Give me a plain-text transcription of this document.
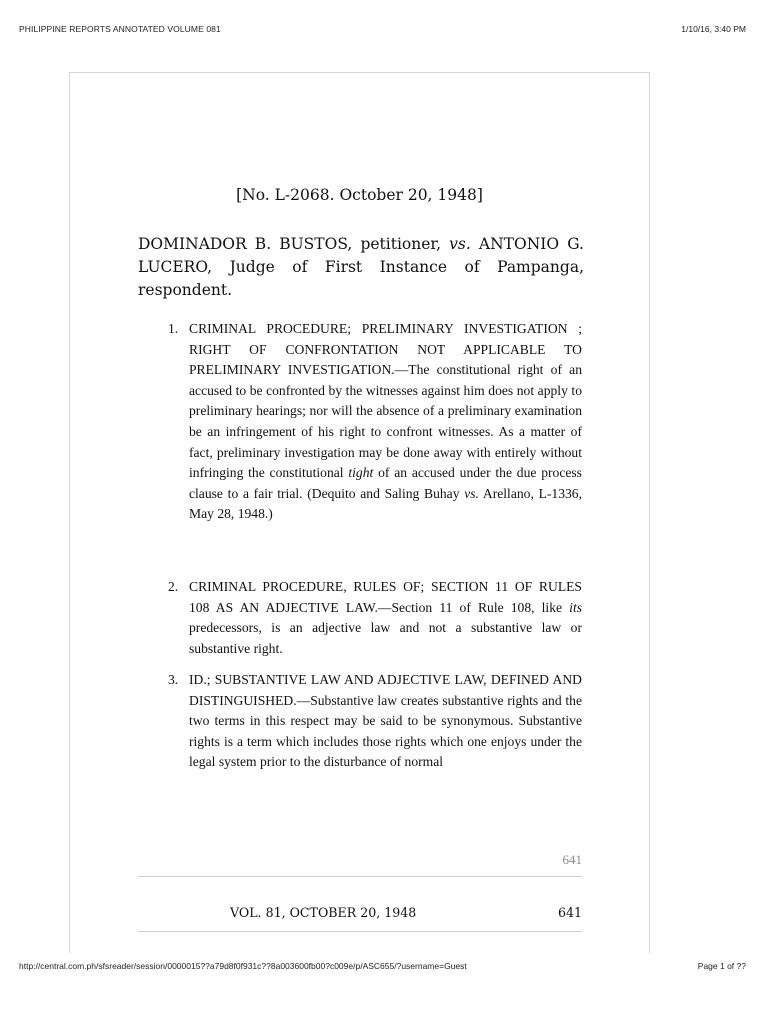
PHILIPPINE REPORTS ANNOTATED VOLUME 081	1/10/16, 3:40 PM
[No. L-2068. October 20, 1948]
DOMINADOR B. BUSTOS, petitioner, vs. ANTONIO G. LUCERO, Judge of First Instance of Pampanga, respondent.
1. CRIMINAL PROCEDURE; PRELIMINARY INVESTIGATION ; RIGHT OF CONFRONTATION NOT APPLICABLE TO PRELIMINARY INVESTIGATION.—The constitutional right of an accused to be confronted by the witnesses against him does not apply to preliminary hearings; nor will the absence of a preliminary examination be an infringement of his right to confront witnesses. As a matter of fact, preliminary investigation may be done away with entirely without infringing the constitutional tight of an accused under the due process clause to a fair trial. (Dequito and Saling Buhay vs. Arellano, L-1336, May 28, 1948.)
2. CRIMINAL PROCEDURE, RULES OF; SECTION 11 OF RULES 108 AS AN ADJECTIVE LAW.—Section 11 of Rule 108, like its predecessors, is an adjective law and not a substantive law or substantive right.
3. ID.; SUBSTANTIVE LAW AND ADJECTIVE LAW, DEFINED AND DISTINGUISHED.—Substantive law creates substantive rights and the two terms in this respect may be said to be synonymous. Substantive rights is a term which includes those rights which one enjoys under the legal system prior to the disturbance of normal
641
VOL. 81, OCTOBER 20, 1948	641
http://central.com.ph/sfsreader/session/0000015??a79d8f0f931c??8a003600fb00?c009e/p/ASC655/?username=Guest	Page 1 of ??
